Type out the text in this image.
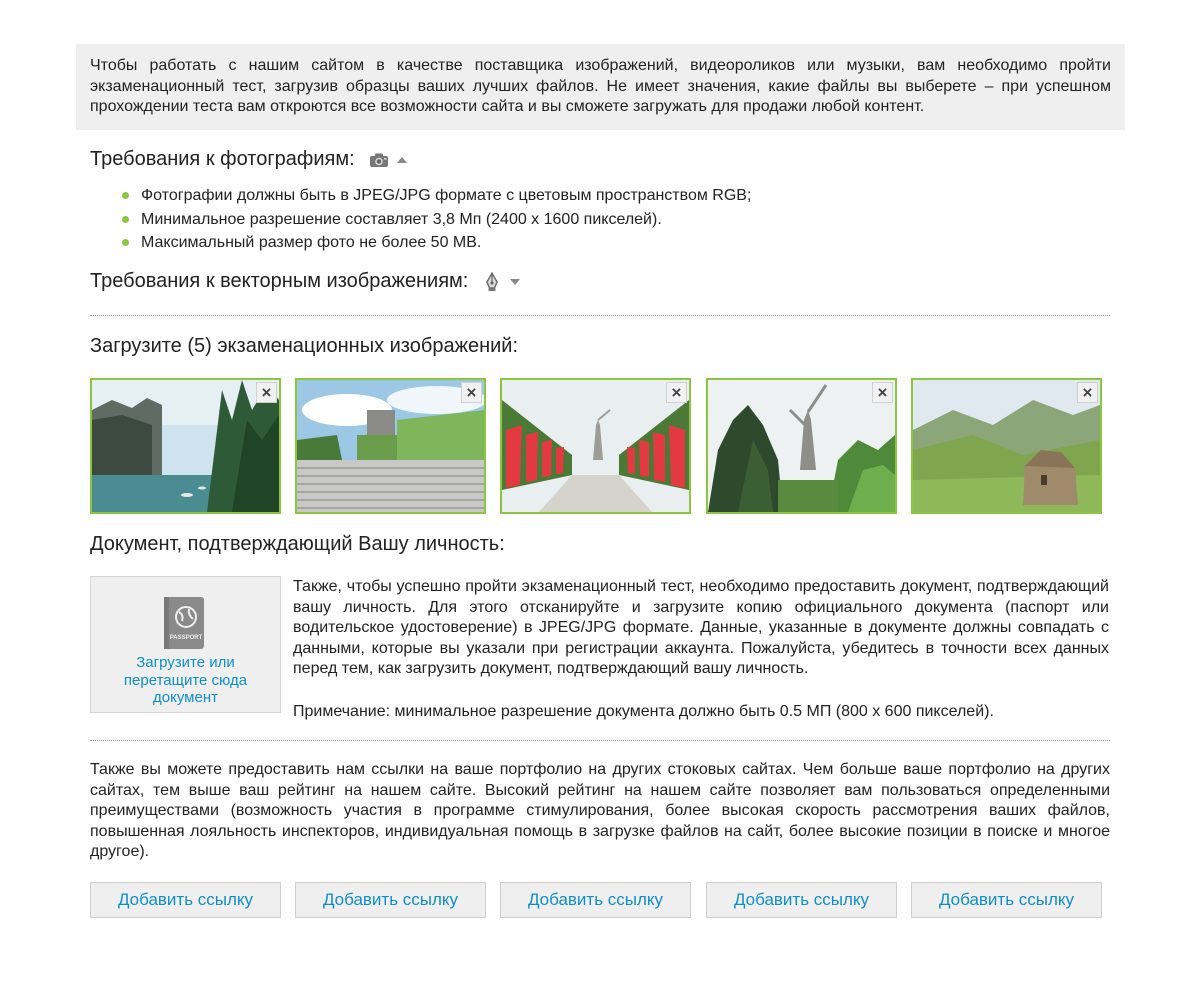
Чтобы работать с нашим сайтом в качестве поставщика изображений, видеороликов или музыки, вам необходимо пройти экзаменационный тест, загрузив образцы ваших лучших файлов. Не имеет значения, какие файлы вы выберете – при успешном прохождении теста вам откроются все возможности сайта и вы сможете загружать для продажи любой контент.
Требования к фотографиям:
Фотографии должны быть в JPEG/JPG формате с цветовым пространством RGB;
Минимальное разрешение составляет 3,8 Мп (2400 x 1600 пикселей).
Максимальный размер фото не более 50 MB.
Требования к векторным изображениям:
Загрузите (5) экзаменационных изображений:
×	×	×	×	×
Документ, подтверждающий Вашу личность:
PASSPORT
Загрузите или перетащите сюда документ
Также, чтобы успешно пройти экзаменационный тест, необходимо предоставить документ, подтверждающий вашу личность. Для этого отсканируйте и загрузите копию официального документа (паспорт или водительское удостоверение) в JPEG/JPG формате. Данные, указанные в документе должны совпадать с данными, которые вы указали при регистрации аккаунта. Пожалуйста, убедитесь в точности всех данных перед тем, как загрузить документ, подтверждающий вашу личность.
Примечание: минимальное разрешение документа должно быть 0.5 МП (800 x 600 пикселей).
Также вы можете предоставить нам ссылки на ваше портфолио на других стоковых сайтах. Чем больше ваше портфолио на других сайтах, тем выше ваш рейтинг на нашем сайте. Высокий рейтинг на нашем сайте позволяет вам пользоваться определенными преимуществами (возможность участия в программе стимулирования, более высокая скорость рассмотрения ваших файлов, повышенная лояльность инспекторов, индивидуальная помощь в загрузке файлов на сайт, более высокие позиции в поиске и многое другое).
Добавить ссылку	Добавить ссылку	Добавить ссылку	Добавить ссылку	Добавить ссылку
